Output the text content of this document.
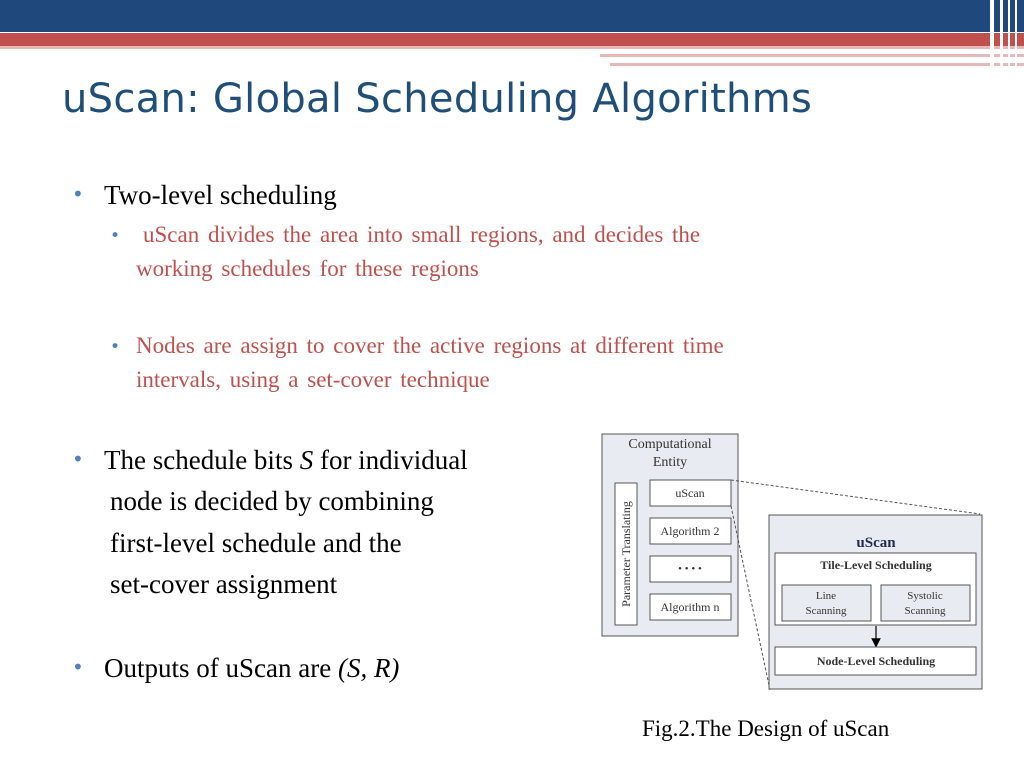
uScan: Global Scheduling Algorithms
• Two-level scheduling
• uScan divides the area into small regions, and decides the
working schedules for these regions
• Nodes are assign to cover the active regions at different time
intervals, using a set-cover technique
• The schedule bits S for individual
node is decided by combining
first-level schedule and the
set-cover assignment
• Outputs of uScan are (S, R)
Computational
Entity
Parameter Translating
uScan
Algorithm 2
• • • •
Algorithm n
uScan
Tile-Level Scheduling
Line
Scanning
Systolic
Scanning
Node-Level Scheduling
Fig.2.The Design of uScan
